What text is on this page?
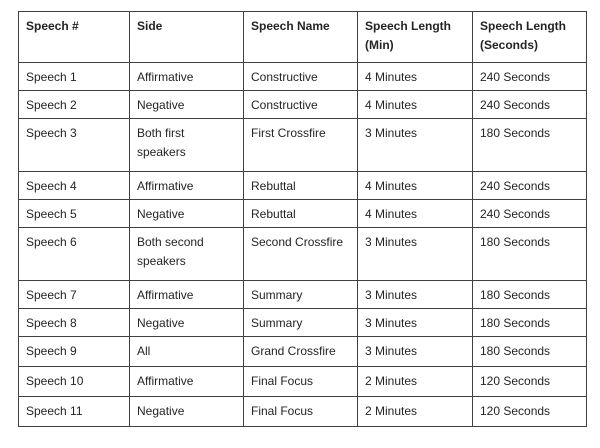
Speech #	Side	Speech Name	Speech Length (Min)	Speech Length (Seconds)
Speech 1	Affirmative	Constructive	4 Minutes	240 Seconds
Speech 2	Negative	Constructive	4 Minutes	240 Seconds
Speech 3	Both first speakers	First Crossfire	3 Minutes	180 Seconds
Speech 4	Affirmative	Rebuttal	4 Minutes	240 Seconds
Speech 5	Negative	Rebuttal	4 Minutes	240 Seconds
Speech 6	Both second speakers	Second Crossfire	3 Minutes	180 Seconds
Speech 7	Affirmative	Summary	3 Minutes	180 Seconds
Speech 8	Negative	Summary	3 Minutes	180 Seconds
Speech 9	All	Grand Crossfire	3 Minutes	180 Seconds
Speech 10	Affirmative	Final Focus	2 Minutes	120 Seconds
Speech 11	Negative	Final Focus	2 Minutes	120 Seconds
